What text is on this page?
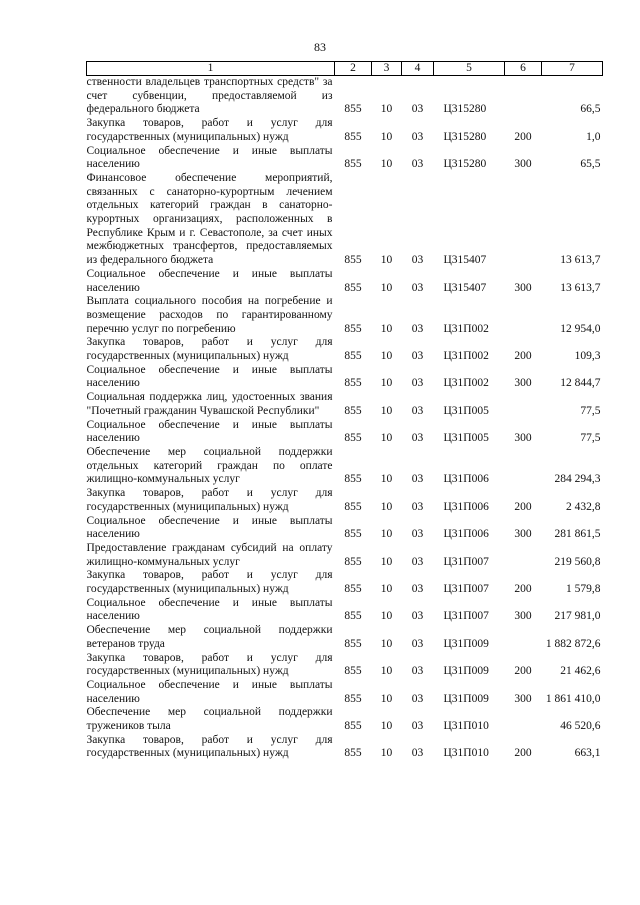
83
1	2	3	4	5	6	7
ственности владельцев транспортных средств" за счет субвенции, предоставляемой из федерального бюджета	855	10	03	Ц315280		66,5
Закупка товаров, работ и услуг для государственных (муниципальных) нужд	855	10	03	Ц315280	200	1,0
Социальное обеспечение и иные выплаты населению	855	10	03	Ц315280	300	65,5
Финансовое обеспечение мероприятий, связанных с санаторно-курортным лечением отдельных категорий граждан в санаторно-курортных организациях, расположенных в Республике Крым и г. Севастополе, за счет иных межбюджетных трансфертов, предоставляемых из федерального бюджета	855	10	03	Ц315407		13 613,7
Социальное обеспечение и иные выплаты населению	855	10	03	Ц315407	300	13 613,7
Выплата социального пособия на погребение и возмещение расходов по гарантированному перечню услуг по погребению	855	10	03	Ц31П002		12 954,0
Закупка товаров, работ и услуг для государственных (муниципальных) нужд	855	10	03	Ц31П002	200	109,3
Социальное обеспечение и иные выплаты населению	855	10	03	Ц31П002	300	12 844,7
Социальная поддержка лиц, удостоенных звания "Почетный гражданин Чувашской Республики"	855	10	03	Ц31П005		77,5
Социальное обеспечение и иные выплаты населению	855	10	03	Ц31П005	300	77,5
Обеспечение мер социальной поддержки отдельных категорий граждан по оплате жилищно-коммунальных услуг	855	10	03	Ц31П006		284 294,3
Закупка товаров, работ и услуг для государственных (муниципальных) нужд	855	10	03	Ц31П006	200	2 432,8
Социальное обеспечение и иные выплаты населению	855	10	03	Ц31П006	300	281 861,5
Предоставление гражданам субсидий на оплату жилищно-коммунальных услуг	855	10	03	Ц31П007		219 560,8
Закупка товаров, работ и услуг для государственных (муниципальных) нужд	855	10	03	Ц31П007	200	1 579,8
Социальное обеспечение и иные выплаты населению	855	10	03	Ц31П007	300	217 981,0
Обеспечение мер социальной поддержки ветеранов труда	855	10	03	Ц31П009		1 882 872,6
Закупка товаров, работ и услуг для государственных (муниципальных) нужд	855	10	03	Ц31П009	200	21 462,6
Социальное обеспечение и иные выплаты населению	855	10	03	Ц31П009	300	1 861 410,0
Обеспечение мер социальной поддержки тружеников тыла	855	10	03	Ц31П010		46 520,6
Закупка товаров, работ и услуг для государственных (муниципальных) нужд	855	10	03	Ц31П010	200	663,1
